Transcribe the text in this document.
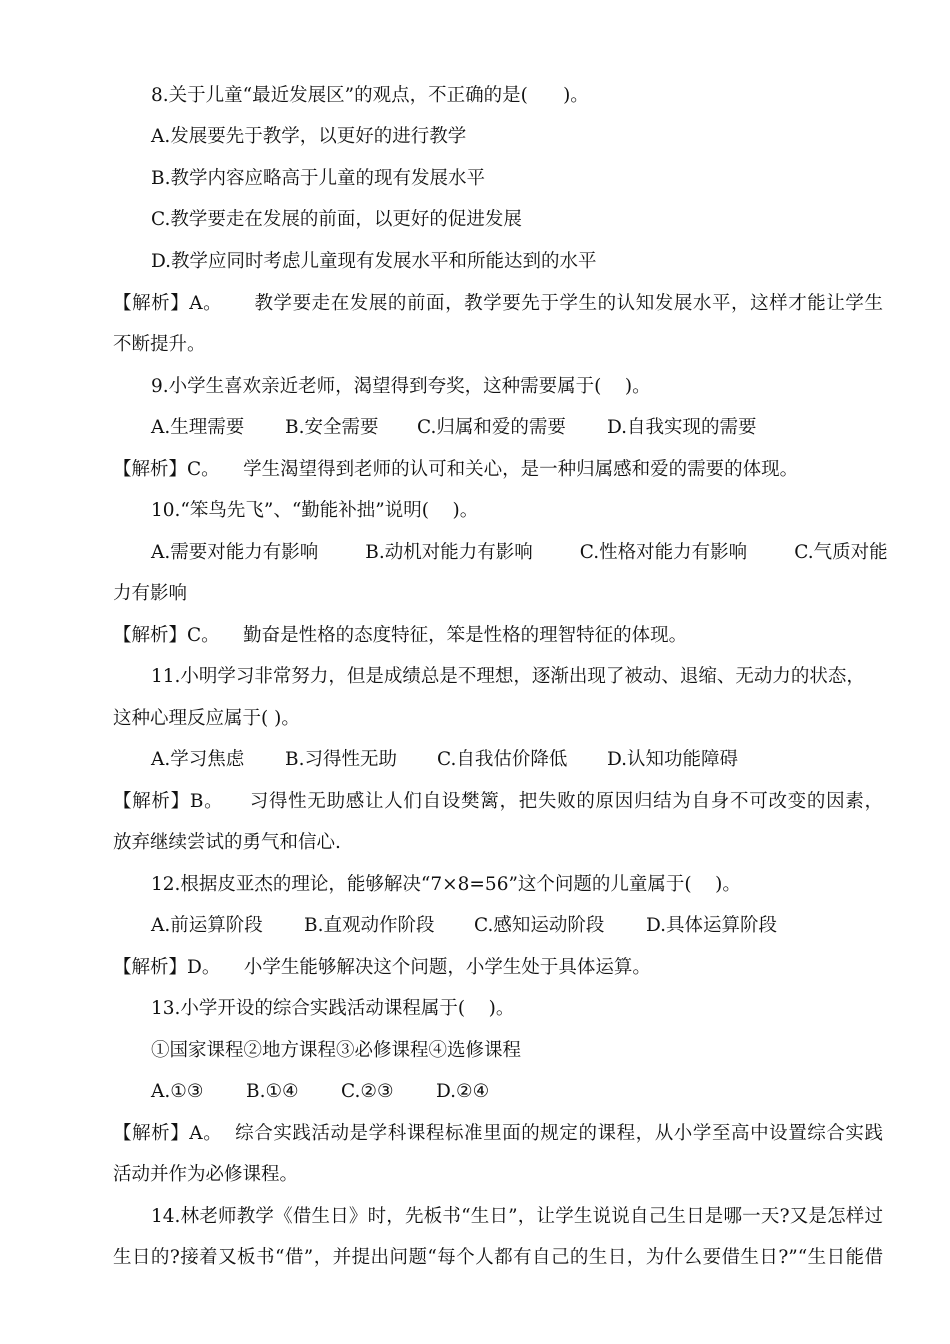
8.关于儿童“最近发展区”的观点，不正确的是(      )。
A.发展要先于教学，以更好的进行教学
B.教学内容应略高于儿童的现有发展水平
C.教学要走在发展的前面，以更好的促进发展
D.教学应同时考虑儿童现有发展水平和所能达到的水平
【解析】A。     教学要走在发展的前面，教学要先于学生的认知发展水平，这样才能让学生
不断提升。
9.小学生喜欢亲近老师，渴望得到夸奖，这种需要属于(    )。
A.生理需要	B.安全需要	C.归属和爱的需要	D.自我实现的需要
【解析】C。    学生渴望得到老师的认可和关心，是一种归属感和爱的需要的体现。
10.“笨鸟先飞”、“勤能补拙”说明(    )。
A.需要对能力有影响        B.动机对能力有影响        C.性格对能力有影响        C.气质对能
力有影响
【解析】C。    勤奋是性格的态度特征，笨是性格的理智特征的体现。
11.小明学习非常努力，但是成绩总是不理想，逐渐出现了被动、退缩、无动力的状态，
这种心理反应属于( )。
A.学习焦虑	B.习得性无助	C.自我估价降低	D.认知功能障碍
【解析】B。    习得性无助感让人们自设樊篱，把失败的原因归结为自身不可改变的因素，
放弃继续尝试的勇气和信心.
12.根据皮亚杰的理论，能够解决“7×8=56”这个问题的儿童属于(    )。
A.前运算阶段	B.直观动作阶段	C.感知运动阶段	D.具体运算阶段
【解析】D。    小学生能够解决这个问题，小学生处于具体运算。
13.小学开设的综合实践活动课程属于(    )。
①国家课程②地方课程③必修课程④选修课程
A.①③	B.①④	C.②③	D.②④
【解析】A。  综合实践活动是学科课程标准里面的规定的课程，从小学至高中设置综合实践
活动并作为必修课程。
14.林老师教学《借生日》时，先板书“生日”，让学生说说自己生日是哪一天?又是怎样过
生日的?接着又板书“借”，并提出问题“每个人都有自己的生日，为什么要借生日?”“生日能借
